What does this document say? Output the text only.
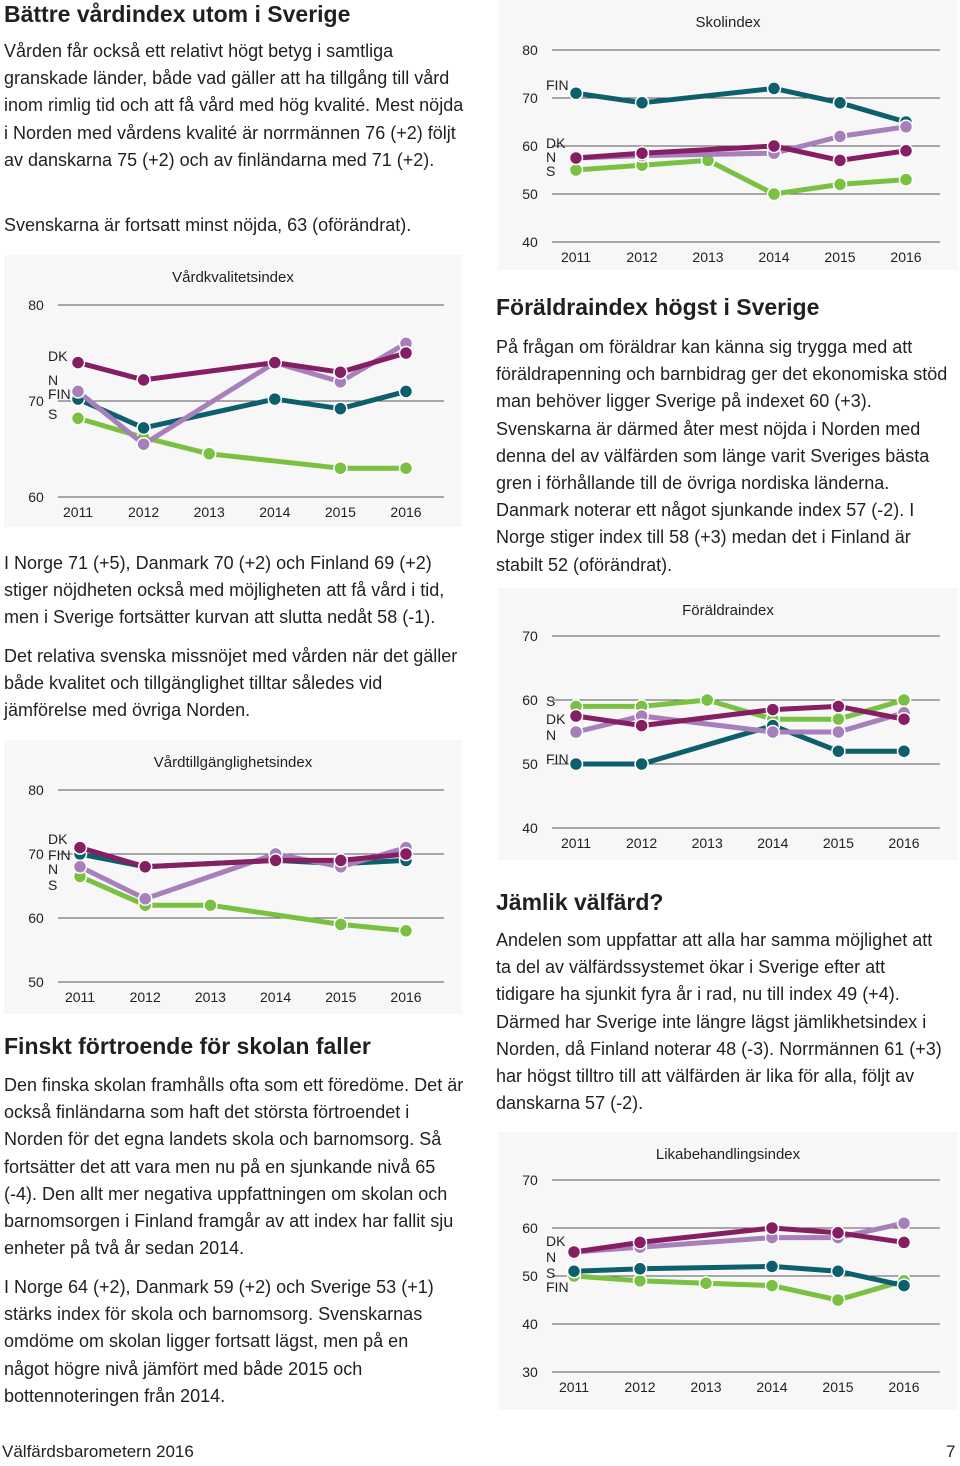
Bättre vårdindex utom i Sverige

Vården får också ett relativt högt betyg i samtliga granskade länder, både vad gäller att ha tillgång till vård inom rimlig tid och att få vård med hög kvalité. Mest nöjda i Norden med vårdens kvalité är norrmännen 76 (+2) följt av danskarna 75 (+2) och av finländarna med 71 (+2).

Svenskarna är fortsatt minst nöjda, 63 (oförändrat).

Vårdkvalitetsindex
60
70
80
2011 2012 2013 2014 2015 2016
DK
N
FIN
S

I Norge 71 (+5), Danmark 70 (+2) och Finland 69 (+2) stiger nöjdheten också med möjligheten att få vård i tid, men i Sverige fortsätter kurvan att slutta nedåt 58 (-1).

Det relativa svenska missnöjet med vården när det gäller både kvalitet och tillgänglighet tilltar således vid jämförelse med övriga Norden.

Vårdtillgänglighetsindex
50
60
70
80
2011 2012 2013 2014 2015 2016
DK
FIN
N
S
Finskt förtroende för skolan faller

Den finska skolan framhålls ofta som ett föredöme. Det är också finländarna som haft det största förtroendet i Norden för det egna landets skola och barnomsorg. Så fortsätter det att vara men nu på en sjunkande nivå 65 (-4). Den allt mer negativa uppfattningen om skolan och barnomsorgen i Finland framgår av att index har fallit sju enheter på två år sedan 2014.

I Norge 64 (+2), Danmark 59 (+2) och Sverige 53 (+1) stärks index för skola och barnomsorg. Svenskarnas omdöme om skolan ligger fortsatt lägst, men på en något högre nivå jämfört med både 2015 och bottennoteringen från 2014.

Skolindex
40
50
60
70
80
2011	2012 2013 2014 2015 2016
FIN
DK
N
S
Föräldraindex högst i Sverige

På frågan om föräldrar kan känna sig trygga med att föräldrapenning och barnbidrag ger det ekonomiska stöd man behöver ligger Sverige på indexet 60 (+3). Svenskarna är därmed åter mest nöjda i Norden med denna del av välfärden som länge varit Sveriges bästa gren i förhållande till de övriga nordiska länderna. Danmark noterar ett något sjunkande index 57 (-2). I Norge stiger index till 58 (+3) medan det i Finland är stabilt 52 (oförändrat).

Föräldraindex
40
50
60
70
2011 2012 2013 2014 2015 2016
S
DK
N
FIN
Jämlik välfärd?

Andelen som uppfattar att alla har samma möjlighet att ta del av välfärdssystemet ökar i Sverige efter att tidigare ha sjunkit fyra år i rad, nu till index 49 (+4). Därmed har Sverige inte längre lägst jämlikhetsindex i Norden, då Finland noterar 48 (-3). Norrmännen 61 (+3) har högst tilltro till att välfärden är lika för alla, följt av danskarna 57 (-2).

Likabehandlingsindex
30
40
50
60
70
2011	2012 2013 2014 2015 2016
DK
N
S
FIN
Välfärdsbarometern 2016	7
